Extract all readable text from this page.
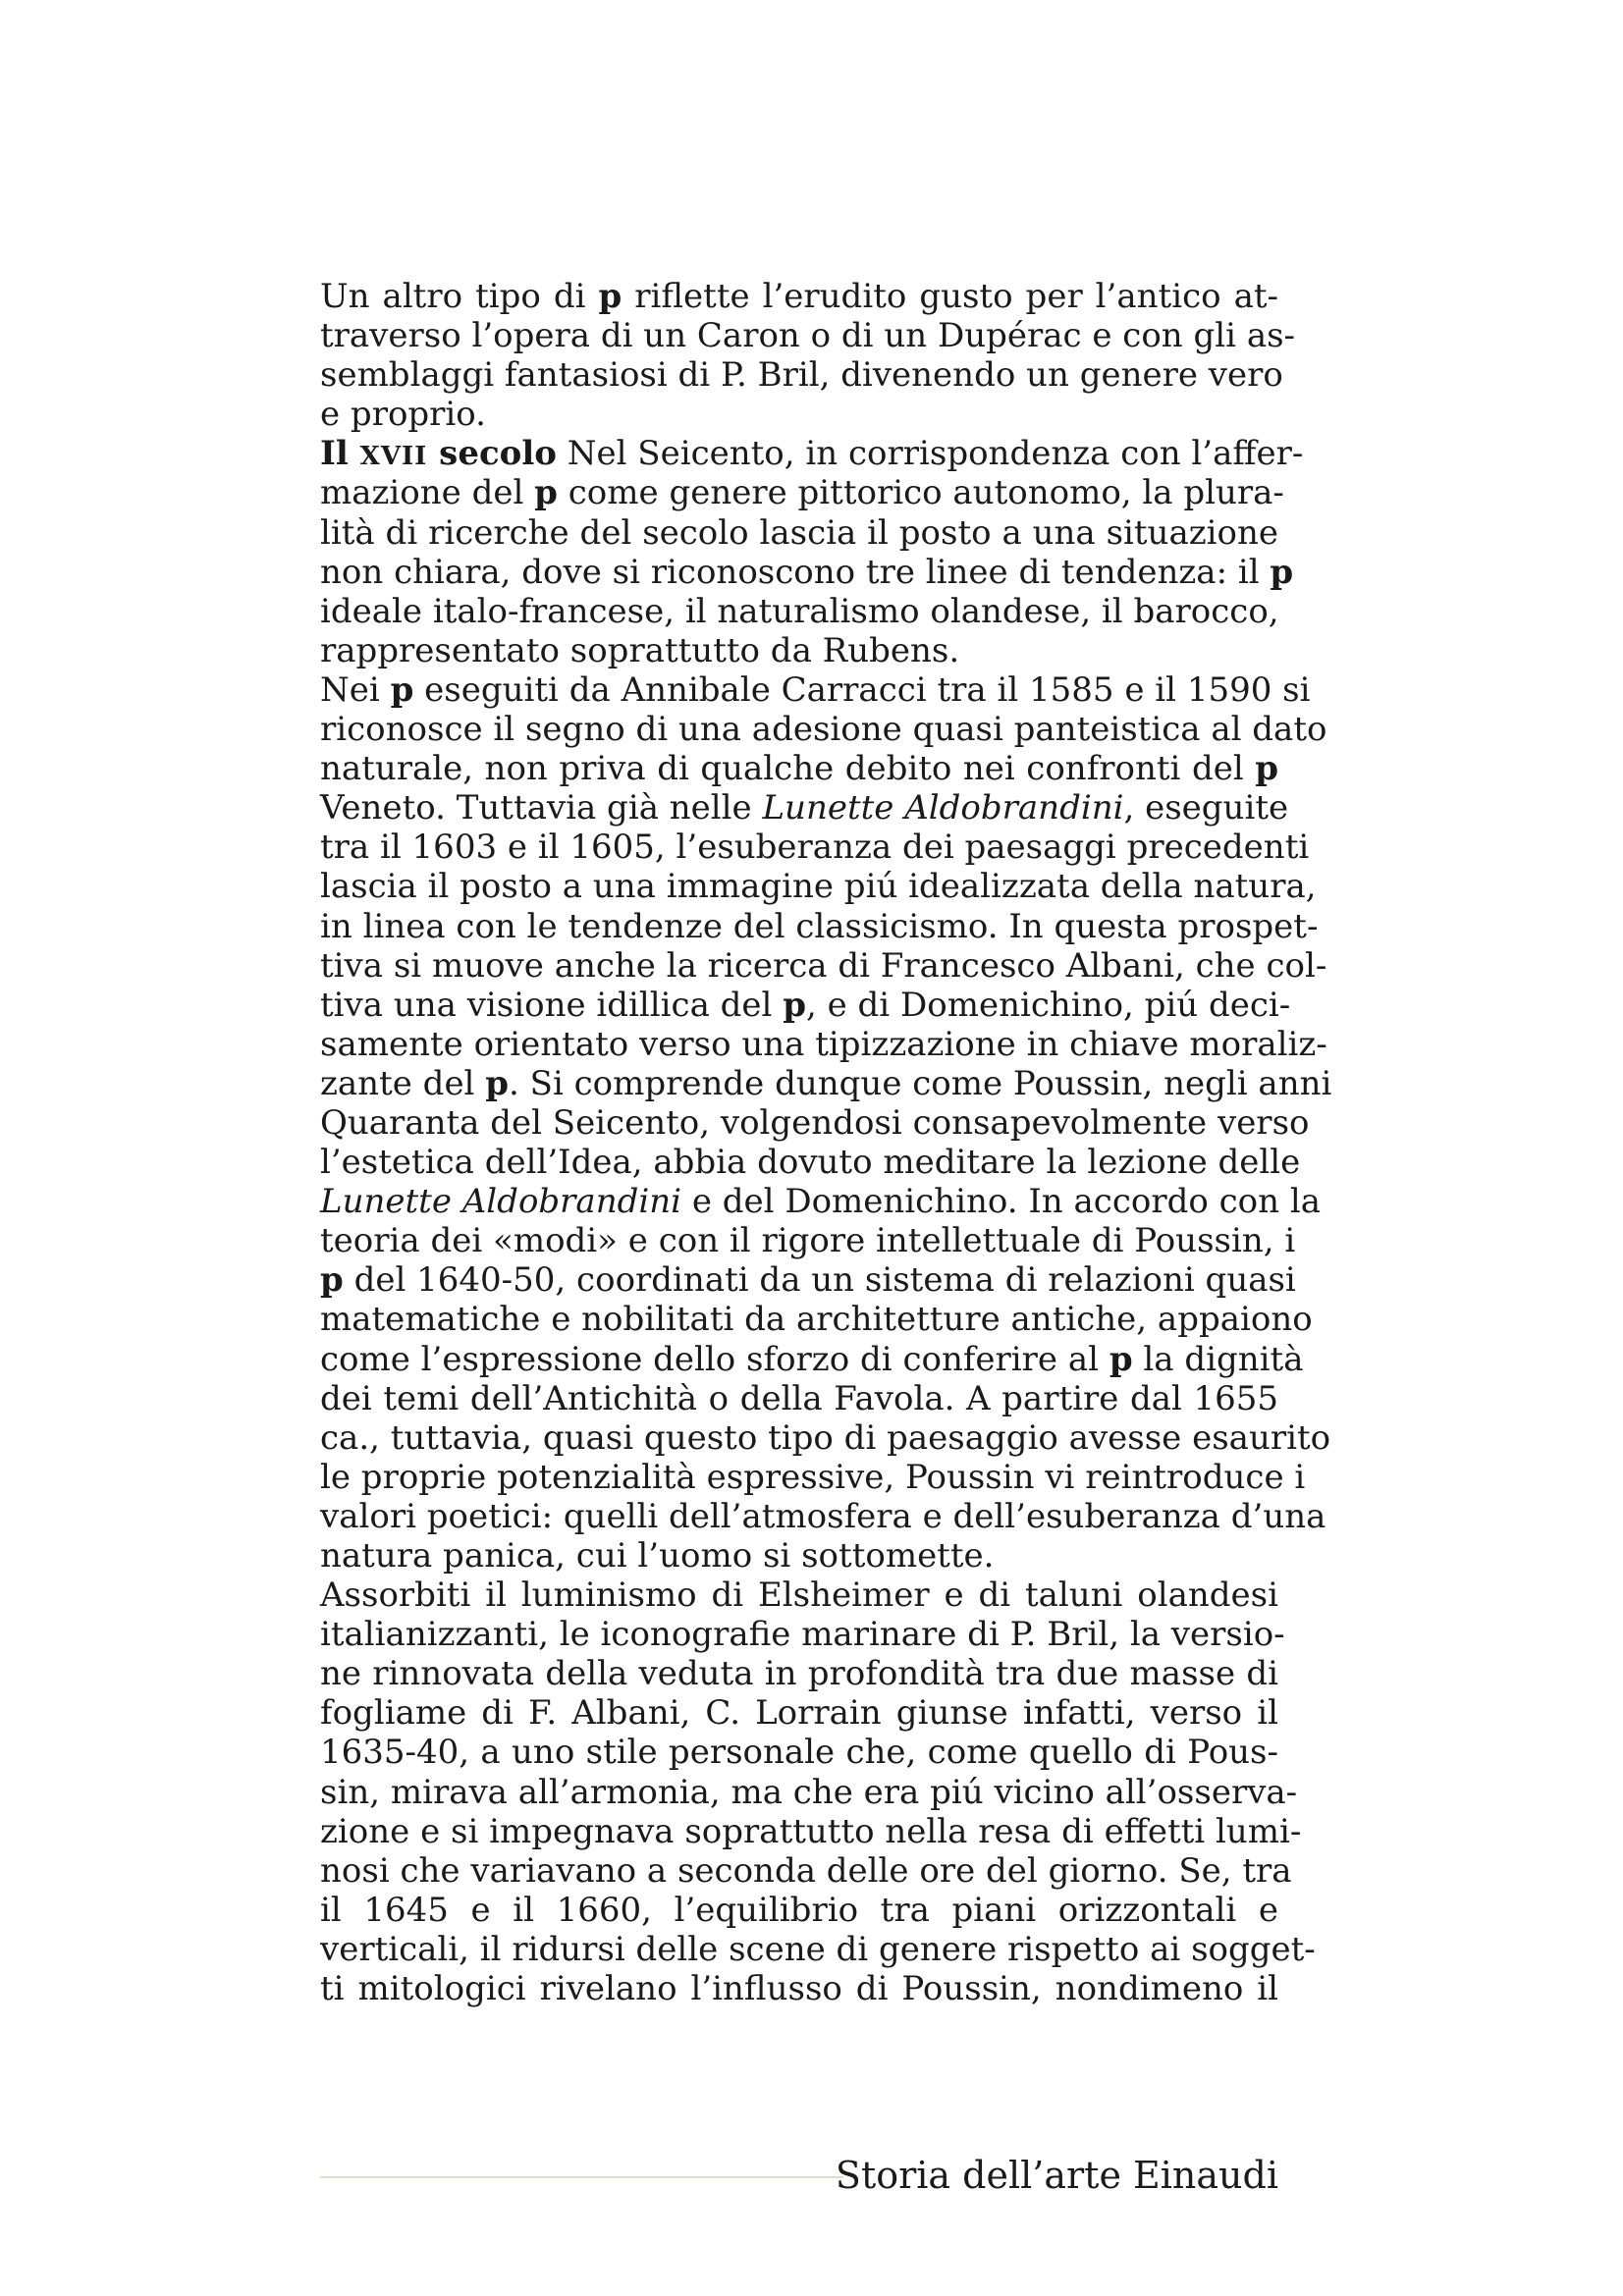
Un altro tipo di p riflette l’erudito gusto per l’antico at-
traverso l’opera di un Caron o di un Dupérac e con gli as-
semblaggi fantasiosi di P. Bril, divenendo un genere vero
e proprio.
Il XVII secolo Nel Seicento, in corrispondenza con l’affer-
mazione del p come genere pittorico autonomo, la plura-
lità di ricerche del secolo lascia il posto a una situazione
non chiara, dove si riconoscono tre linee di tendenza: il p
ideale italo-francese, il naturalismo olandese, il barocco,
rappresentato soprattutto da Rubens.
Nei p eseguiti da Annibale Carracci tra il 1585 e il 1590 si
riconosce il segno di una adesione quasi panteistica al dato
naturale, non priva di qualche debito nei confronti del p
Veneto. Tuttavia già nelle Lunette Aldobrandini, eseguite
tra il 1603 e il 1605, l’esuberanza dei paesaggi precedenti
lascia il posto a una immagine piú idealizzata della natura,
in linea con le tendenze del classicismo. In questa prospet-
tiva si muove anche la ricerca di Francesco Albani, che col-
tiva una visione idillica del p, e di Domenichino, piú deci-
samente orientato verso una tipizzazione in chiave moraliz-
zante del p. Si comprende dunque come Poussin, negli anni
Quaranta del Seicento, volgendosi consapevolmente verso
l’estetica dell’Idea, abbia dovuto meditare la lezione delle
Lunette Aldobrandini e del Domenichino. In accordo con la
teoria dei «modi» e con il rigore intellettuale di Poussin, i
p del 1640-50, coordinati da un sistema di relazioni quasi
matematiche e nobilitati da architetture antiche, appaiono
come l’espressione dello sforzo di conferire al p la dignità
dei temi dell’Antichità o della Favola. A partire dal 1655
ca., tuttavia, quasi questo tipo di paesaggio avesse esaurito
le proprie potenzialità espressive, Poussin vi reintroduce i
valori poetici: quelli dell’atmosfera e dell’esuberanza d’una
natura panica, cui l’uomo si sottomette.
Assorbiti il luminismo di Elsheimer e di taluni olandesi
italianizzanti, le iconografie marinare di P. Bril, la versio-
ne rinnovata della veduta in profondità tra due masse di
fogliame di F. Albani, C. Lorrain giunse infatti, verso il
1635-40, a uno stile personale che, come quello di Pous-
sin, mirava all’armonia, ma che era piú vicino all’osserva-
zione e si impegnava soprattutto nella resa di effetti lumi-
nosi che variavano a seconda delle ore del giorno. Se, tra
il 1645 e il 1660, l’equilibrio tra piani orizzontali e
verticali, il ridursi delle scene di genere rispetto ai sogget-
ti mitologici rivelano l’influsso di Poussin, nondimeno il
Storia dell’arte Einaudi
